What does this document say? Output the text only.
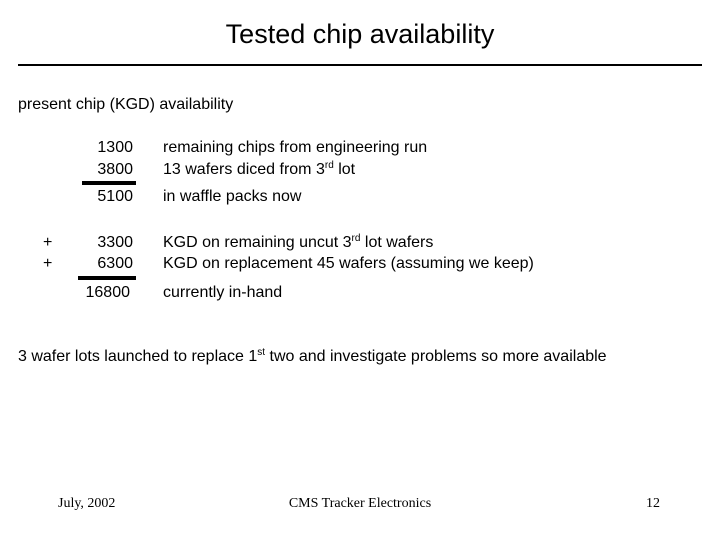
Tested chip availability
present chip (KGD) availability
1300 remaining chips from engineering run
3800 13 wafers diced from 3rd lot
5100 in waffle packs now
+	3300 KGD on remaining uncut 3rd lot wafers
+	6300 KGD on replacement 45 wafers (assuming we keep)
16800 currently in-hand
3 wafer lots launched to replace 1st two and investigate problems so more available
July, 2002	CMS Tracker Electronics	12
